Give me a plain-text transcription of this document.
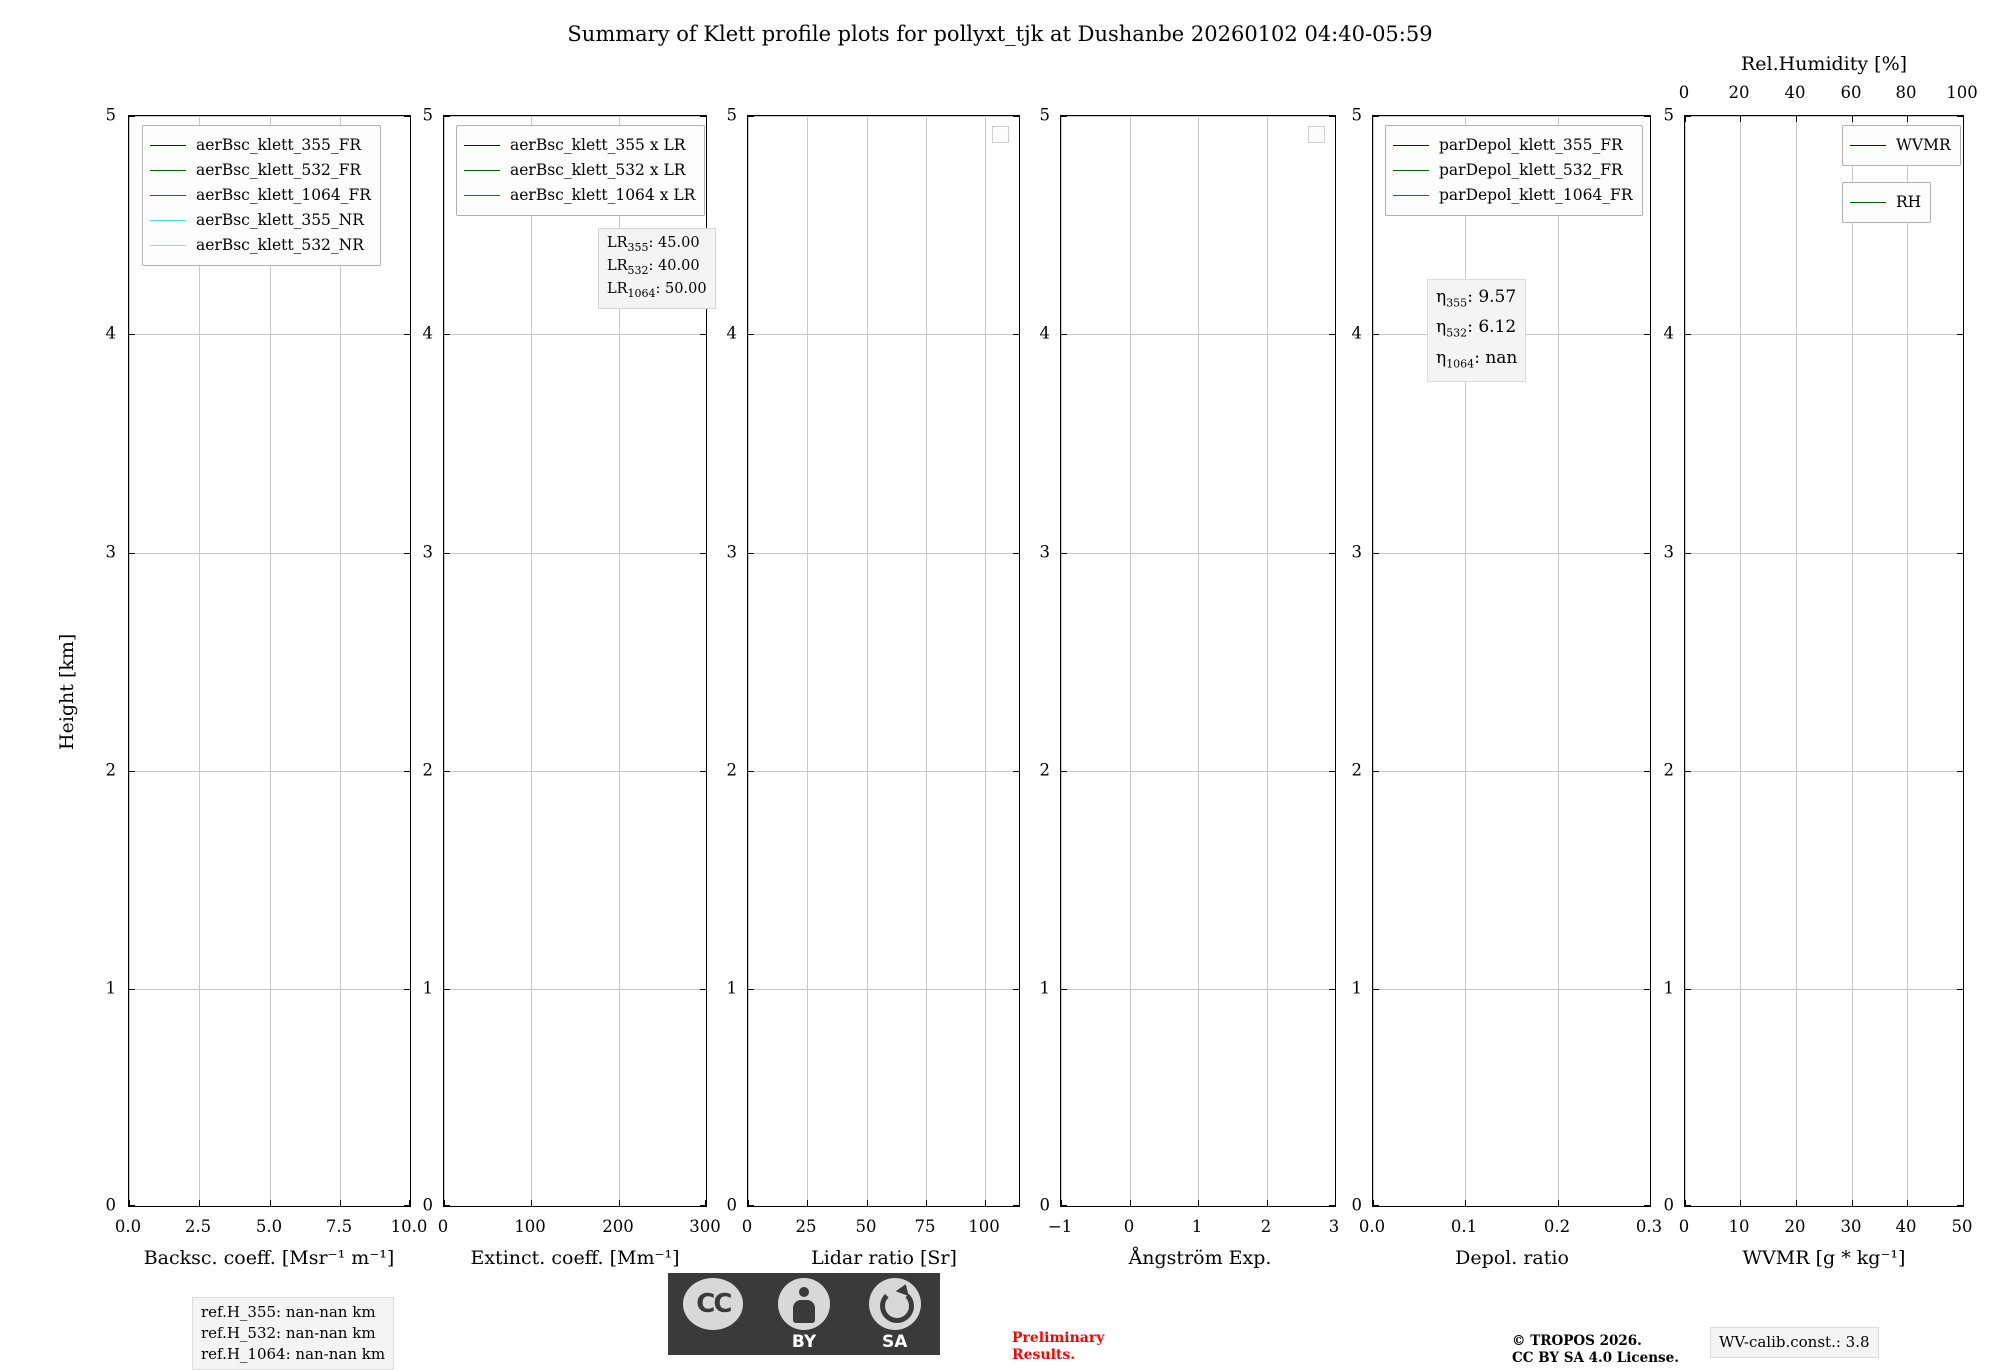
Summary of Klett profile plots for pollyxt_tjk at Dushanbe 20260102 04:40-05:59
5
4
3
2
1
0
Height [km]
0.0	2.5	5.0	7.5 10.0
Backsc. coeff. [Msr⁻¹ m⁻¹]
aerBsc_klett_355_FR
aerBsc_klett_532_FR
aerBsc_klett_1064_FR
aerBsc_klett_355_NR
aerBsc_klett_532_NR
5
4
3
2
1
0
0	100	200	300
Extinct. coeff. [Mm⁻¹]
aerBsc_klett_355 x LR
aerBsc_klett_532 x LR
aerBsc_klett_1064 x LR
$LR_{355}$: 45.00
$LR_{532}$: 40.00
$LR_{1064}$: 50.00
5
4
3
2
1
0
0	25 50 75 100
Lidar ratio [Sr]
5
4
3
2
1
0
−1	0	1	2	3
Ångström Exp.
5
4
3
2
1
0
0.0	0.1	0.2	0.3
Depol. ratio
parDepol_klett_355_FR
parDepol_klett_532_FR
parDepol_klett_1064_FR
$\eta_{355}$: 9.57
$\eta_{532}$: 6.12
$\eta_{1064}$: nan
5
4
3
2
1
0
0 10 20 30 40 50
WVMR [g * kg⁻¹]
0 20 40 60 80 100
Rel.Humidity [%]
WVMR
RH
ref.H_355: nan-nan km
ref.H_532: nan-nan km
ref.H_1064: nan-nan km
WV-calib.const.: 3.8
Preliminary
Results.
© TROPOS 2026.
CC BY SA 4.0 License.
CC
BY	SA
